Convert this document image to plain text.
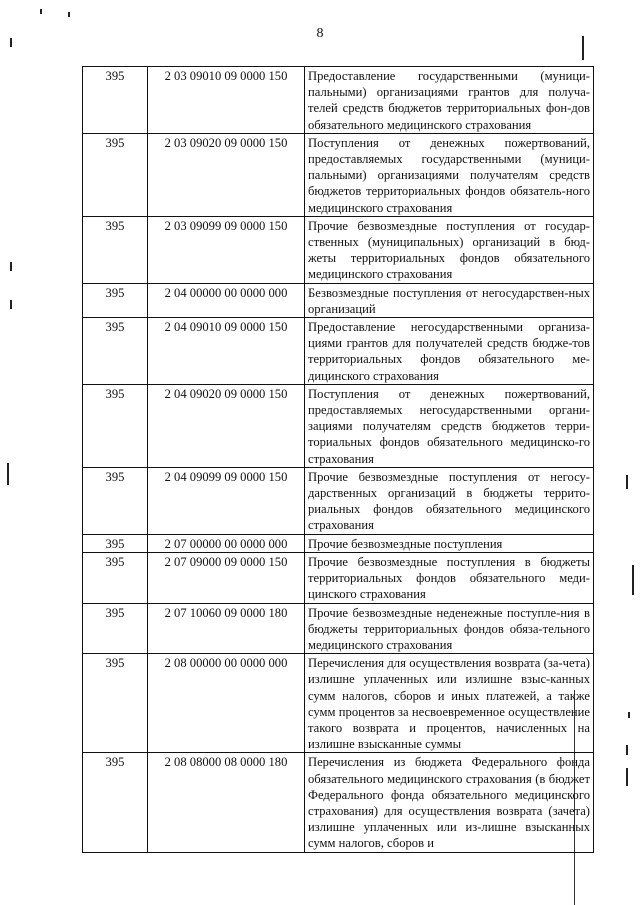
8
395	2 03 09010 09 0000 150	Предоставление государственными (муници-пальными) организациями грантов для получа-телей средств бюджетов территориальных фон-дов обязательного медицинского страхования
395	2 03 09020 09 0000 150	Поступления от денежных пожертвований, предоставляемых государственными (муници-пальными) организациями получателям средств бюджетов территориальных фондов обязатель-ного медицинского страхования
395	2 03 09099 09 0000 150	Прочие безвозмездные поступления от государ-ственных (муниципальных) организаций в бюд-жеты территориальных фондов обязательного медицинского страхования
395	2 04 00000 00 0000 000	Безвозмездные поступления от негосударствен-ных организаций
395	2 04 09010 09 0000 150	Предоставление негосударственными организа-циями грантов для получателей средств бюдже-тов территориальных фондов обязательного ме-дицинского страхования
395	2 04 09020 09 0000 150	Поступления от денежных пожертвований, предоставляемых негосударственными органи-зациями получателям средств бюджетов терри-ториальных фондов обязательного медицинско-го страхования
395	2 04 09099 09 0000 150	Прочие безвозмездные поступления от негосу-дарственных организаций в бюджеты террито-риальных фондов обязательного медицинского страхования
395	2 07 00000 00 0000 000	Прочие безвозмездные поступления
395	2 07 09000 09 0000 150	Прочие безвозмездные поступления в бюджеты территориальных фондов обязательного меди-цинского страхования
395	2 07 10060 09 0000 180	Прочие безвозмездные неденежные поступле-ния в бюджеты территориальных фондов обяза-тельного медицинского страхования
395	2 08 00000 00 0000 000	Перечисления для осуществления возврата (за-чета) излишне уплаченных или излишне взыс-канных сумм налогов, сборов и иных платежей, а также сумм процентов за несвоевременное осуществление такого возврата и процентов, начисленных на излишне взысканные суммы
395	2 08 08000 08 0000 180	Перечисления из бюджета Федерального фонда обязательного медицинского страхования (в бюджет Федерального фонда обязательного медицинского страхования) для осуществления возврата (зачета) излишне уплаченных или из-лишне взысканных сумм налогов, сборов и
